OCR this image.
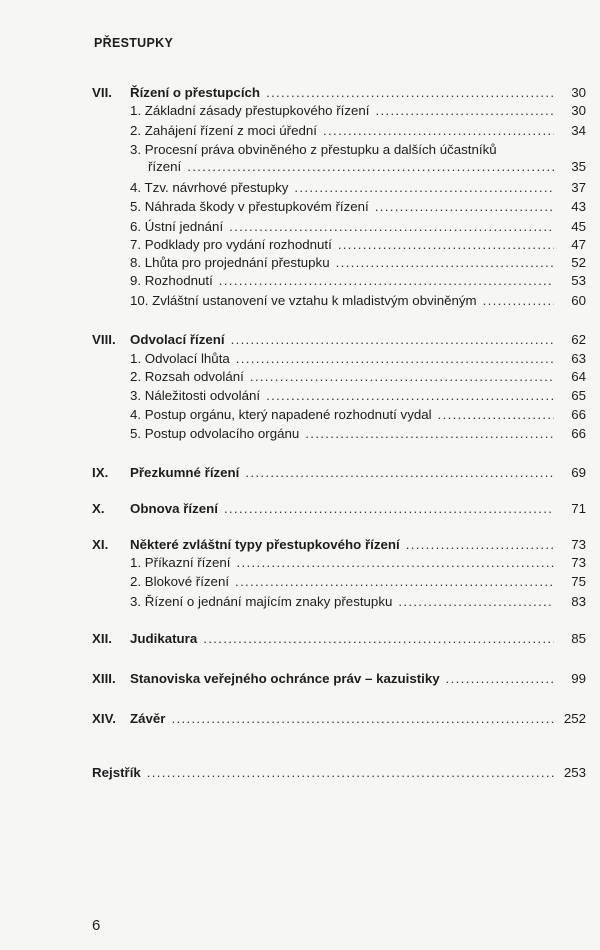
PŘESTUPKY
VII. Řízení o přestupcích . . .	30
1. Základní zásady přestupkového řízení . . .	30
2. Zahájení řízení z moci úřední . . .	34
3. Procesní práva obviněného z přestupku a dalších účastníků
řízení . . .	35
4. Tzv. návrhové přestupky . . .	37
5. Náhrada škody v přestupkovém řízení . . .	43
6. Ústní jednání . . .	45
7. Podklady pro vydání rozhodnutí . . .	47
8. Lhůta pro projednání přestupku . . .	52
9. Rozhodnutí . . .	53
10. Zvláštní ustanovení ve vztahu k mladistvým obviněným . . .	60
VIII. Odvolací řízení . . .	62
1. Odvolací lhůta . . .	63
2. Rozsah odvolání . . .	64
3. Náležitosti odvolání . . .	65
4. Postup orgánu, který napadené rozhodnutí vydal . . .	66
5. Postup odvolacího orgánu . . .	66
IX. Přezkumné řízení . . .	69
X. Obnova řízení . . .	71
XI. Některé zvláštní typy přestupkového řízení . . .	73
1. Příkazní řízení . . .	73
2. Blokové řízení . . .	75
3. Řízení o jednání majícím znaky přestupku . . .	83
XII. Judikatura . . .	85
XIII. Stanoviska veřejného ochránce práv – kazuistiky . . .	99
XIV. Závěr . . .	252
Rejstřík . . .	253
6
